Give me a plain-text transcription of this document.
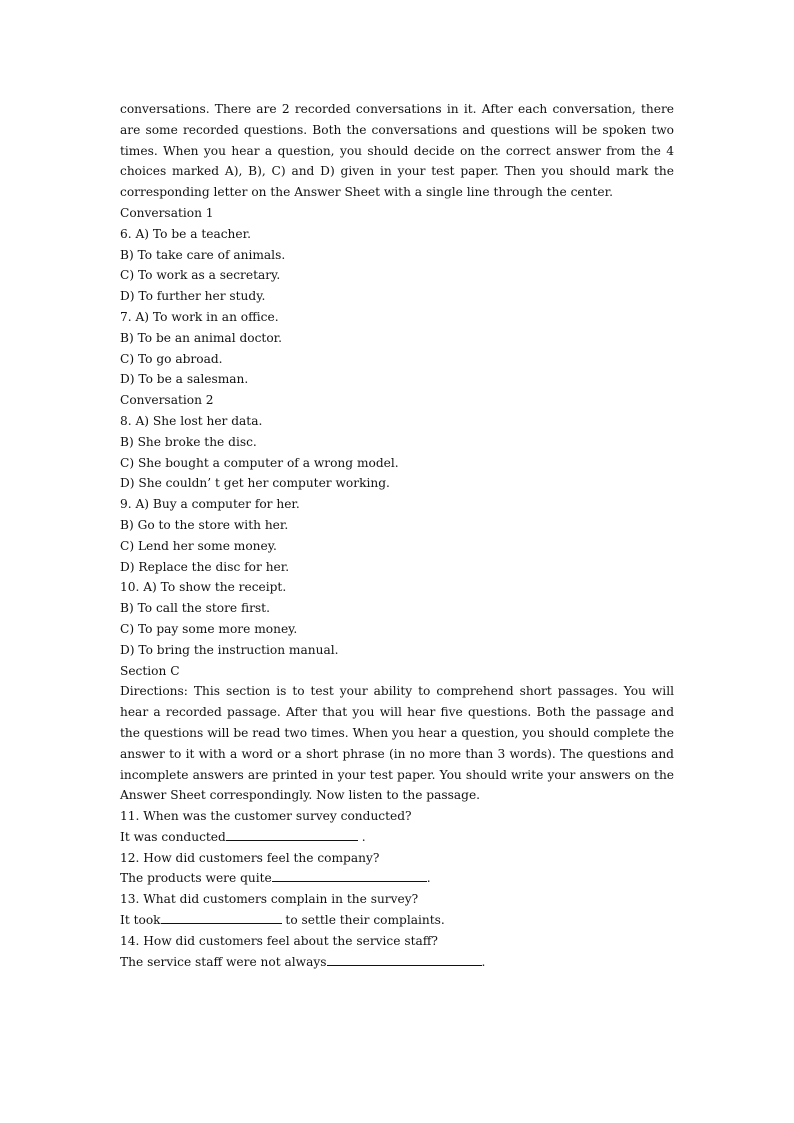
conversations. There are 2 recorded conversations in it. After each conversation, there are some recorded questions. Both the conversations and questions will be spoken two times. When you hear a question, you should decide on the correct answer from the 4 choices marked A), B), C) and D) given in your test paper. Then you should mark the corresponding letter on the Answer Sheet with a single line through the center.

Conversation 1

6. A) To be a teacher.

B) To take care of animals.

C) To work as a secretary.

D) To further her study.

7. A) To work in an office.

B) To be an animal doctor.

C) To go abroad.

D) To be a salesman.

Conversation 2

8. A) She lost her data.

B) She broke the disc.

C) She bought a computer of a wrong model.

D) She couldn’ t get her computer working.

9. A) Buy a computer for her.

B) Go to the store with her.

C) Lend her some money.

D) Replace the disc for her.

10. A) To show the receipt.

B) To call the store first.

C) To pay some more money.

D) To bring the instruction manual.

Section C

Directions: This section is to test your ability to comprehend short passages. You will hear a recorded passage. After that you will hear five questions. Both the passage and the questions will be read two times. When you hear a question, you should complete the answer to it with a word or a short phrase (in no more than 3 words). The questions and incomplete answers are printed in your test paper. You should write your answers on the Answer Sheet correspondingly. Now listen to the passage.

11. When was the customer survey conducted?

It was conducted	.

12. How did customers feel the company?

The products were quite	.

13. What did customers complain in the survey?

It took	to settle their complaints.

14. How did customers feel about the service staff?

The service staff were not always	.
